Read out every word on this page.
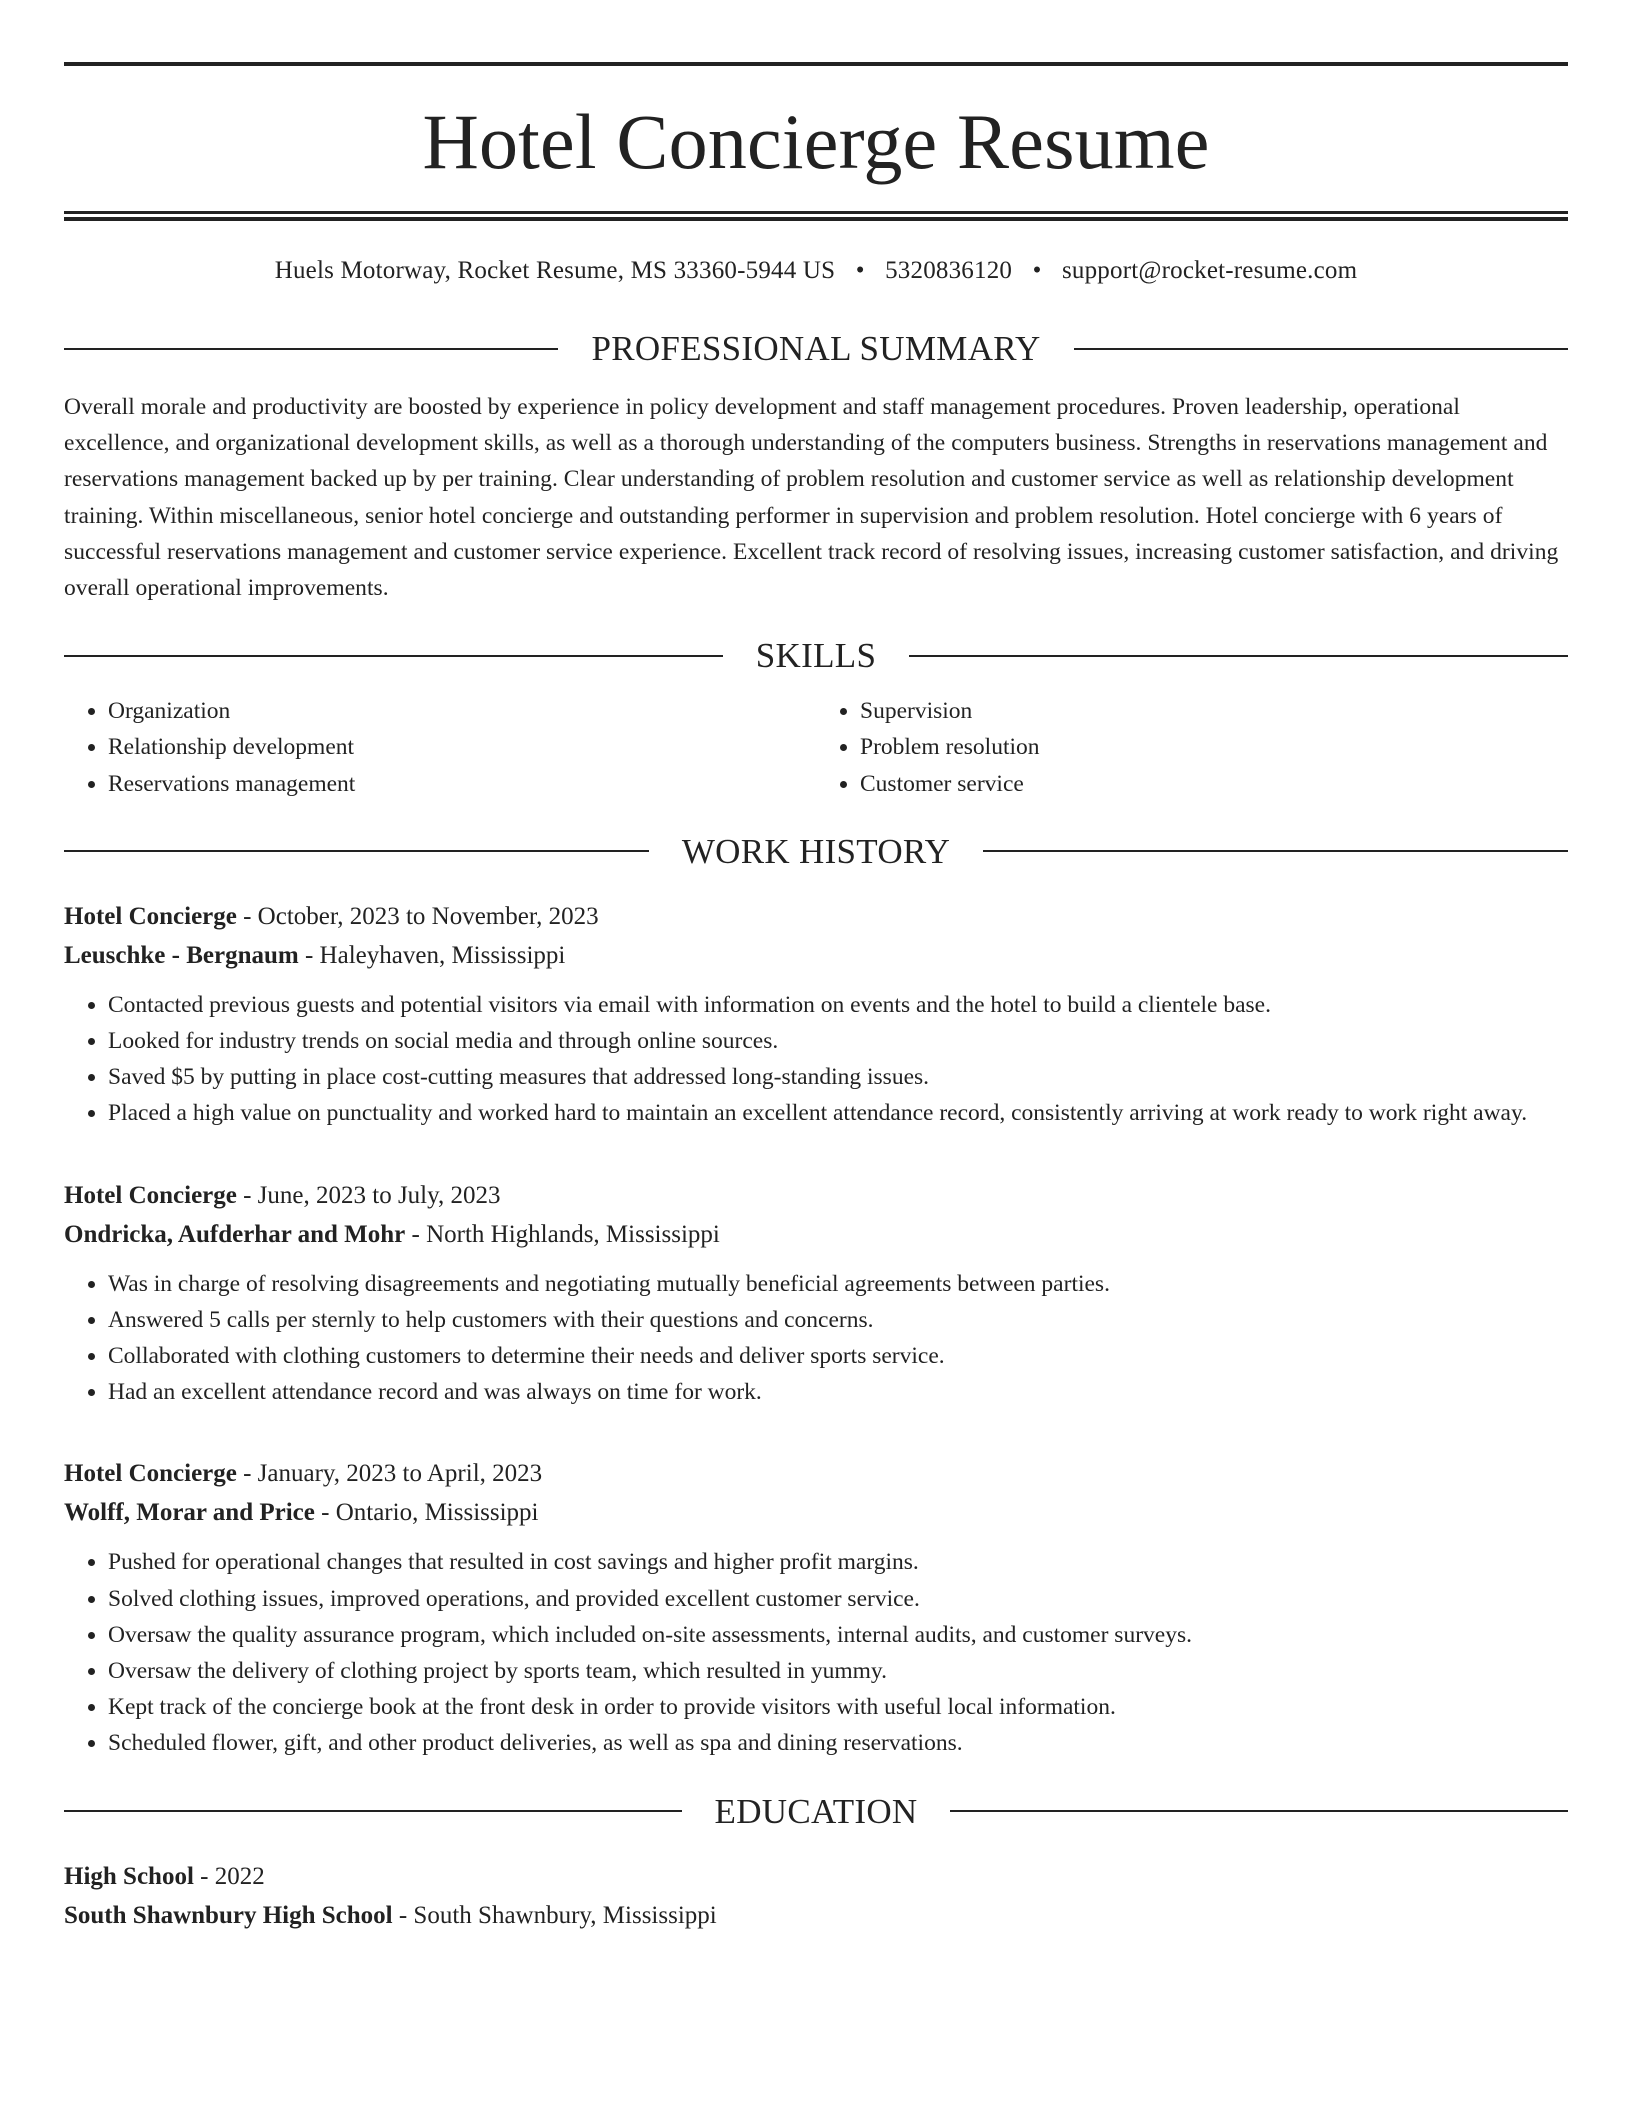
Hotel Concierge Resume
Huels Motorway, Rocket Resume, MS 33360-5944 US • 5320836120 • support@rocket-resume.com
PROFESSIONAL SUMMARY

Overall morale and productivity are boosted by experience in policy development and staff management procedures. Proven leadership, operational excellence, and organizational development skills, as well as a thorough understanding of the computers business. Strengths in reservations management and reservations management backed up by per training. Clear understanding of problem resolution and customer service as well as relationship development training. Within miscellaneous, senior hotel concierge and outstanding performer in supervision and problem resolution. Hotel concierge with 6 years of successful reservations management and customer service experience. Excellent track record of resolving issues, increasing customer satisfaction, and driving overall operational improvements.

SKILLS
• Organization
• Relationship development
• Reservations management
• Supervision
• Problem resolution
• Customer service
WORK HISTORY
Hotel Concierge - October, 2023 to November, 2023
Leuschke - Bergnaum - Haleyhaven, Mississippi
• Contacted previous guests and potential visitors via email with information on events and the hotel to build a clientele base.
• Looked for industry trends on social media and through online sources.
• Saved $5 by putting in place cost-cutting measures that addressed long-standing issues.
• Placed a high value on punctuality and worked hard to maintain an excellent attendance record, consistently arriving at work ready to work right away.
Hotel Concierge - June, 2023 to July, 2023
Ondricka, Aufderhar and Mohr - North Highlands, Mississippi
• Was in charge of resolving disagreements and negotiating mutually beneficial agreements between parties.
• Answered 5 calls per sternly to help customers with their questions and concerns.
• Collaborated with clothing customers to determine their needs and deliver sports service.
• Had an excellent attendance record and was always on time for work.
Hotel Concierge - January, 2023 to April, 2023
Wolff, Morar and Price - Ontario, Mississippi
• Pushed for operational changes that resulted in cost savings and higher profit margins.
• Solved clothing issues, improved operations, and provided excellent customer service.
• Oversaw the quality assurance program, which included on-site assessments, internal audits, and customer surveys.
• Oversaw the delivery of clothing project by sports team, which resulted in yummy.
• Kept track of the concierge book at the front desk in order to provide visitors with useful local information.
• Scheduled flower, gift, and other product deliveries, as well as spa and dining reservations.
EDUCATION
High School - 2022
South Shawnbury High School - South Shawnbury, Mississippi
